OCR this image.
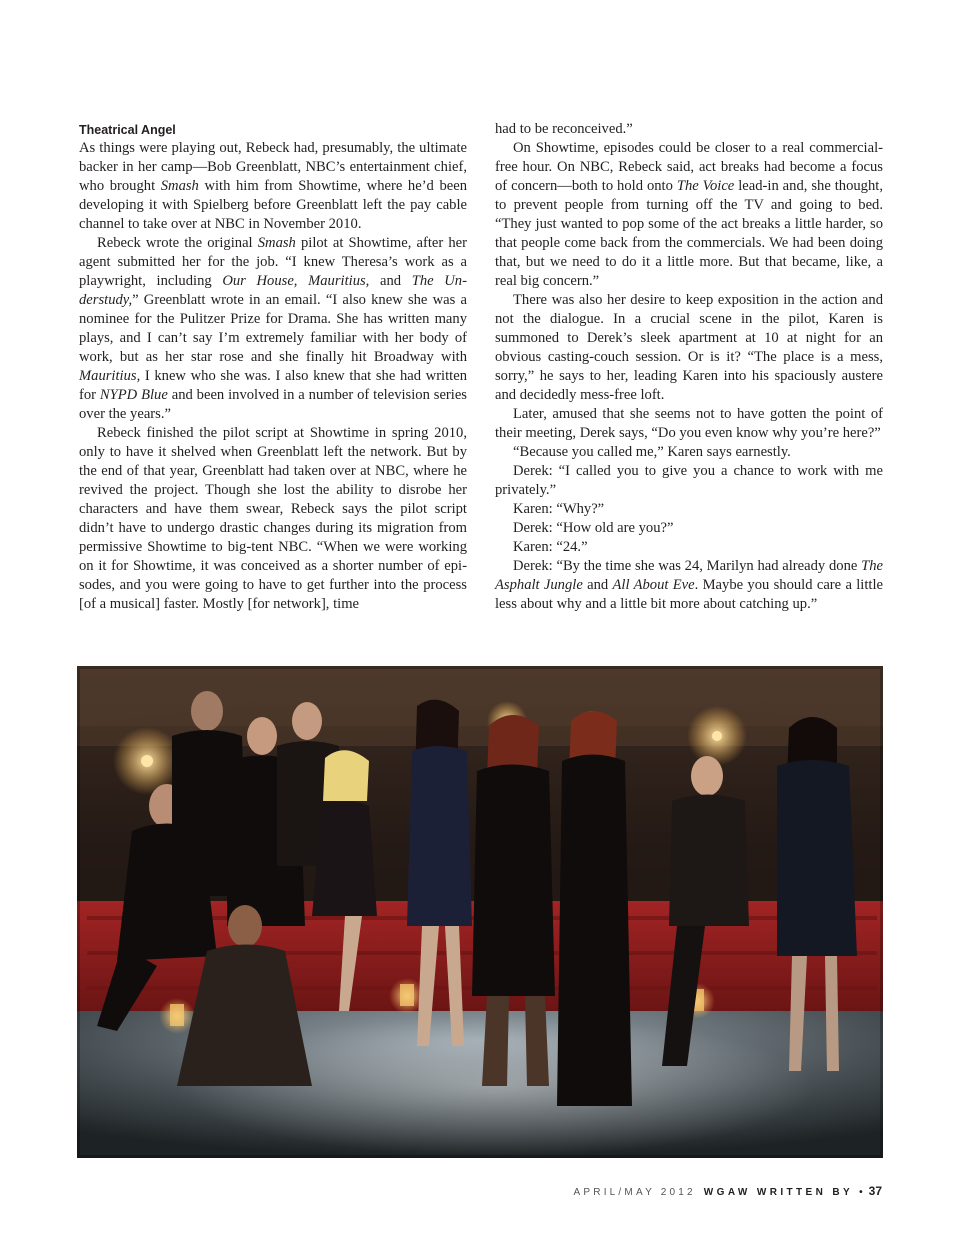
Theatrical Angel

As things were playing out, Rebeck had, presumably, the ultimate backer in her camp—Bob Greenblatt, NBC’s entertainment chief, who brought Smash with him from Showtime, where he’d been developing it with Spielberg before Greenblatt left the pay cable channel to take over at NBC in November 2010.

Rebeck wrote the original Smash pilot at Showtime, after her agent submitted her for the job. “I knew Theresa’s work as a playwright, including Our House, Mauritius, and The Understudy,” Greenblatt wrote in an email. “I also knew she was a nominee for the Pulitzer Prize for Drama. She has written many plays, and I can’t say I’m extremely familiar with her body of work, but as her star rose and she finally hit Broadway with Mauritius, I knew who she was. I also knew that she had written for NYPD Blue and been involved in a number of television series over the years.”

Rebeck finished the pilot script at Showtime in spring 2010, only to have it shelved when Greenblatt left the network. But by the end of that year, Greenblatt had taken over at NBC, where he revived the project. Though she lost the ability to disrobe her characters and have them swear, Rebeck says the pilot script didn’t have to undergo drastic changes during its migration from permissive Showtime to big-tent NBC. “When we were working on it for Showtime, it was conceived as a shorter number of episodes, and you were going to have to get further into the process [of a musical] faster. Mostly [for network], time

had to be reconceived.”

On Showtime, episodes could be closer to a real commercial-free hour. On NBC, Rebeck said, act breaks had become a focus of concern—both to hold onto The Voice lead-in and, she thought, to prevent people from turning off the TV and going to bed. “They just wanted to pop some of the act breaks a little harder, so that people come back from the commercials. We had been doing that, but we need to do it a little more. But that became, like, a real big concern.”

There was also her desire to keep exposition in the action and not the dialogue. In a crucial scene in the pilot, Karen is summoned to Derek’s sleek apartment at 10 at night for an obvious casting-couch session. Or is it? “The place is a mess, sorry,” he says to her, leading Karen into his spaciously austere and decidedly mess-free loft.

Later, amused that she seems not to have gotten the point of their meeting, Derek says, “Do you even know why you’re here?”

“Because you called me,” Karen says earnestly.

Derek: “I called you to give you a chance to work with me privately.”

Karen: “Why?”

Derek: “How old are you?”

Karen: “24.”

Derek: “By the time she was 24, Marilyn had already done The Asphalt Jungle and All About Eve. Maybe you should care a little less about why and a little bit more about catching up.”

APRIL/MAY 2012 WGAW WRITTEN BY • 37
